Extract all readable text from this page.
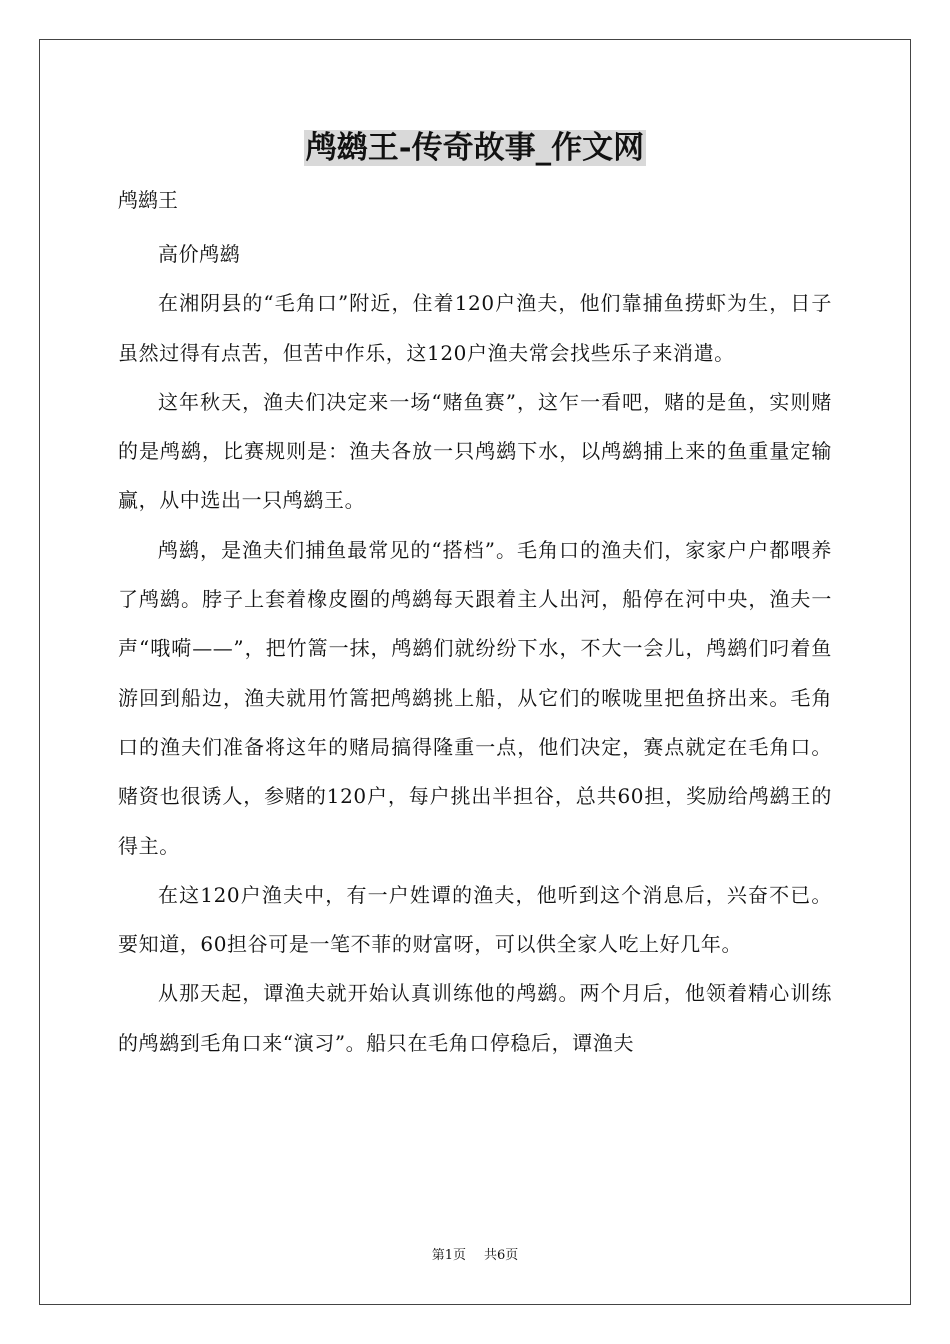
鸬鹚王-传奇故事_作文网
鸬鹚王

高价鸬鹚

在湘阴县的“毛角口”附近，住着120户渔夫，他们靠捕鱼捞虾为生，日子虽然过得有点苦，但苦中作乐，这120户渔夫常会找些乐子来消遣。

这年秋天，渔夫们决定来一场“赌鱼赛”，这乍一看吧，赌的是鱼，实则赌的是鸬鹚，比赛规则是：渔夫各放一只鸬鹚下水，以鸬鹚捕上来的鱼重量定输赢，从中选出一只鸬鹚王。

鸬鹚，是渔夫们捕鱼最常见的“搭档”。毛角口的渔夫们，家家户户都喂养了鸬鹚。脖子上套着橡皮圈的鸬鹚每天跟着主人出河，船停在河中央，渔夫一声“哦嗬——”，把竹篙一抹，鸬鹚们就纷纷下水，不大一会儿，鸬鹚们叼着鱼游回到船边，渔夫就用竹篙把鸬鹚挑上船，从它们的喉咙里把鱼挤出来。毛角口的渔夫们准备将这年的赌局搞得隆重一点，他们决定，赛点就定在毛角口。赌资也很诱人，参赌的120户，每户挑出半担谷，总共60担，奖励给鸬鹚王的得主。

在这120户渔夫中，有一户姓谭的渔夫，他听到这个消息后，兴奋不已。要知道，60担谷可是一笔不菲的财富呀，可以供全家人吃上好几年。

从那天起，谭渔夫就开始认真训练他的鸬鹚。两个月后，他领着精心训练的鸬鹚到毛角口来“演习”。船只在毛角口停稳后，谭渔夫

第1页 共6页
